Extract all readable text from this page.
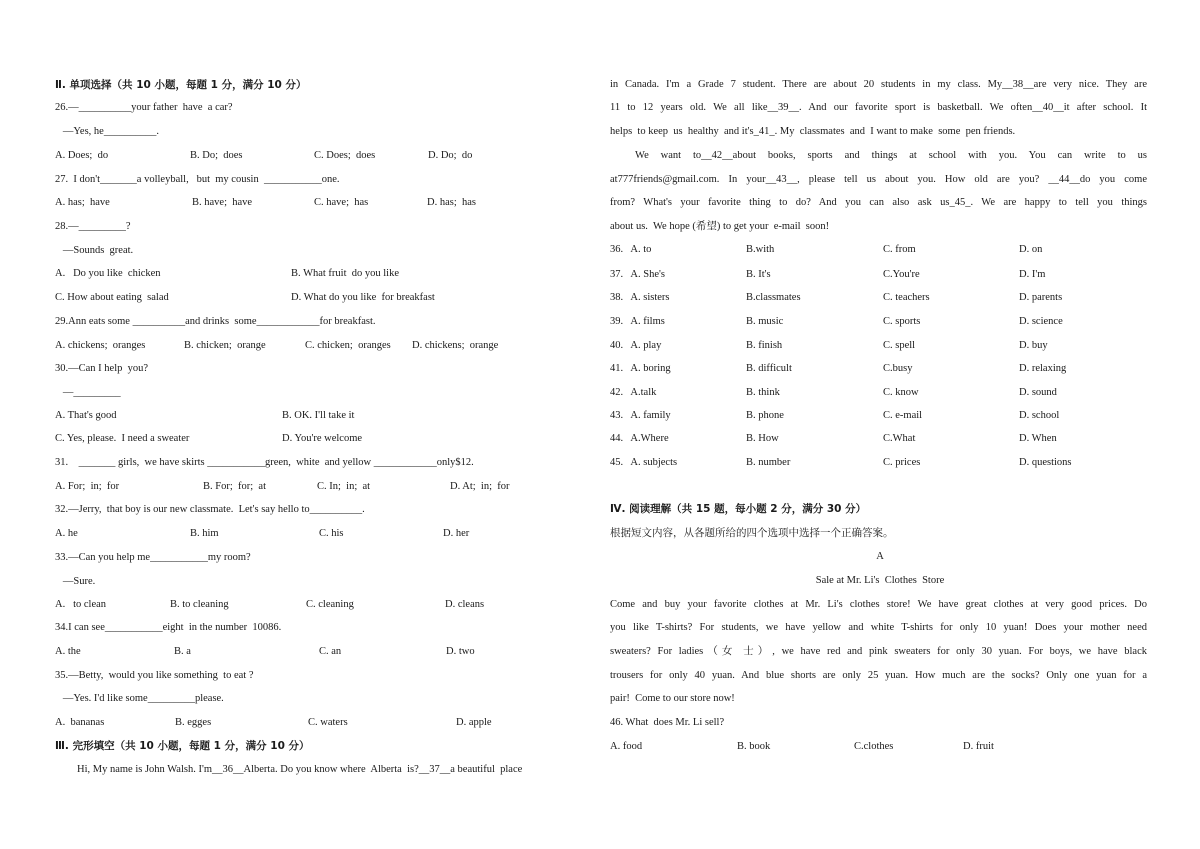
Ⅱ. 单项选择（共 10 小题，每题 1 分，满分 10 分）
26.—__________your father  have  a car?
—Yes, he__________.
A. Does;  do	B. Do;  does	C. Does;  does	D. Do;  do
27.  I don't_______a volleyball,   but  my cousin  ___________one.
A. has;  have	B. have;  have	C. have;  has	D. has;  has
28.—_________?
—Sounds  great.
A.   Do you like  chicken	B. What fruit  do you like
C. How about eating  salad	D. What do you like  for breakfast
29.Ann eats some __________and drinks  some____________for breakfast.
A. chickens;  oranges	B. chicken;  orange	C. chicken;  oranges D. chickens;  orange
30.—Can I help  you?
—_________
A. That's good	B. OK. I'll take it
C. Yes, please.  I need a sweater	D. You're welcome
31.    _______ girls,  we have skirts ___________green,  white  and yellow ____________only$12.
A. For;  in;  for	B. For;  for;  at	C. In;  in;  at	D. At;  in;  for
32.—Jerry,  that boy is our new classmate.  Let's say hello to__________.
A. he	B. him	C. his	D. her
33.—Can you help me___________my room?
—Sure.
A.   to clean	B. to cleaning	C. cleaning	D. cleans
34.I can see___________eight  in the number  10086.
A. the	B. a	C. an	D. two
35.—Betty,  would you like something  to eat ?
—Yes. I'd like some_________please.
A.  bananas	B. egges	C. waters	D. apple
Ⅲ. 完形填空（共 10 小题，每题 1 分，满分 10 分）
Hi, My name is John Walsh. I'm__36__Alberta. Do you know where  Alberta  is?__37__a beautiful  place
in Canada. I'm a Grade 7 student. There are about 20 students in my class. My__38__are very nice. They are
11 to 12 years old. We all like__39__. And our favorite sport is basketball. We often__40__it after school. It
helps  to keep  us  healthy  and it's_41_. My  classmates  and  I want to make  some  pen friends.
We want to__42__about books, sports and things at school with you. You can write to us
at777friends@gmail.com. In your__43__, please tell us about you. How old are you? __44__do you come
from? What's your favorite thing to do? And you can also ask us_45_. We are happy to tell you things
about us.  We hope (希望) to get your  e-mail  soon!
36.   A. to	B.with	C. from	D. on
37.   A. She's	B. It's	C.You're	D. I'm
38.   A. sisters	B.classmates	C. teachers	D. parents
39.   A. films	B. music	C. sports	D. science
40.   A. play	B. finish	C. spell	D. buy
41.   A. boring	B. difficult	C.busy	D. relaxing
42.   A.talk	B. think	C. know	D. sound
43.   A. family	B. phone	C. e-mail	D. school
44.   A.Where	B. How	C.What	D. When
45.   A. subjects	B. number	C. prices	D. questions
Ⅳ. 阅读理解（共 15 题，每小题 2 分，满分 30 分）
根据短文内容，从各题所给的四个选项中选择一个正确答案。
A
Sale at Mr. Li's  Clothes  Store
Come and buy your favorite clothes at Mr. Li's clothes store! We have great clothes at very good prices. Do
you like T-shirts? For students, we have yellow and white T-shirts for only 10 yuan! Does your mother need
sweaters? For ladies（女 士）, we have red and pink sweaters for only 30 yuan. For boys, we have black
trousers for only 40 yuan. And blue shorts are only 25 yuan. How much are the socks? Only one yuan for a
pair!  Come to our store now!
46. What  does Mr. Li sell?
A. food	B. book	C.clothes	D. fruit
